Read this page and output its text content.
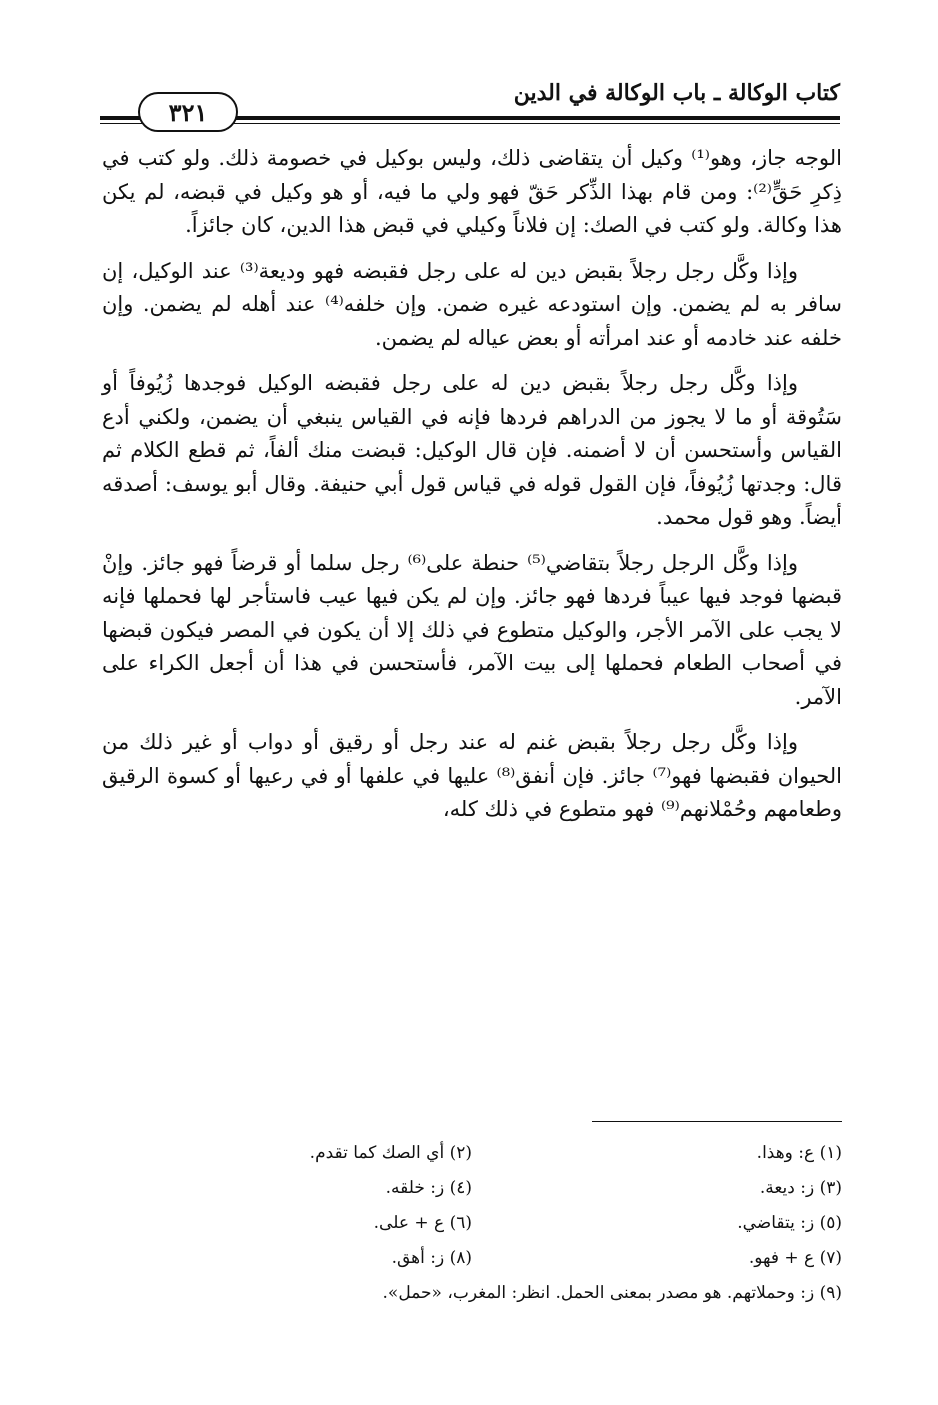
كتاب الوكالة ـ باب الوكالة في الدين
٣٢١

الوجه جاز، وهو⁽¹⁾ وكيل أن يتقاضى ذلك، وليس بوكيل في خصومة ذلك. ولو كتب في ذِكرِ حَقٍّ⁽²⁾: ومن قام بهذا الذِّكر حَقّ فهو ولي ما فيه، أو هو وكيل في قبضه، لم يكن هذا وكالة. ولو كتب في الصك: إن فلاناً وكيلي في قبض هذا الدين، كان جائزاً.

وإذا وكَّل رجل رجلاً بقبض دين له على رجل فقبضه فهو وديعة⁽³⁾ عند الوكيل، إن سافر به لم يضمن. وإن استودعه غيره ضمن. وإن خلفه⁽⁴⁾ عند أهله لم يضمن. وإن خلفه عند خادمه أو عند امرأته أو بعض عياله لم يضمن.

وإذا وكَّل رجل رجلاً بقبض دين له على رجل فقبضه الوكيل فوجدها زُيُوفاً أو سَتُوقة أو ما لا يجوز من الدراهم فردها فإنه في القياس ينبغي أن يضمن، ولكني أدع القياس وأستحسن أن لا أضمنه. فإن قال الوكيل: قبضت منك ألفاً، ثم قطع الكلام ثم قال: وجدتها زُيُوفاً، فإن القول قوله في قياس قول أبي حنيفة. وقال أبو يوسف: أصدقه أيضاً. وهو قول محمد.

وإذا وكَّل الرجل رجلاً بتقاضي⁽⁵⁾ حنطة على⁽⁶⁾ رجل سلما أو قرضاً فهو جائز. وإنْ قبضها فوجد فيها عيباً فردها فهو جائز. وإن لم يكن فيها عيب فاستأجر لها فحملها فإنه لا يجب على الآمر الأجر، والوكيل متطوع في ذلك إلا أن يكون في المصر فيكون قبضها في أصحاب الطعام فحملها إلى بيت الآمر، فأستحسن في هذا أن أجعل الكراء على الآمر.

وإذا وكَّل رجل رجلاً بقبض غنم له عند رجل أو رقيق أو دواب أو غير ذلك من الحيوان فقبضها فهو⁽⁷⁾ جائز. فإن أنفق⁽⁸⁾ عليها في علفها أو في رعيها أو كسوة الرقيق وطعامهم وحُمْلانهم⁽⁹⁾ فهو متطوع في ذلك كله،

(١) ع: وهذا.
(٢) أي الصك كما تقدم.
(٣) ز: ديعة.
(٤) ز: خلقه.
(٥) ز: يتقاضي.
(٦) ع + على.
(٧) ع + فهو.
(٨) ز: أهق.
(٩) ز: وحملاتهم. هو مصدر بمعنى الحمل. انظر: المغرب، «حمل».
